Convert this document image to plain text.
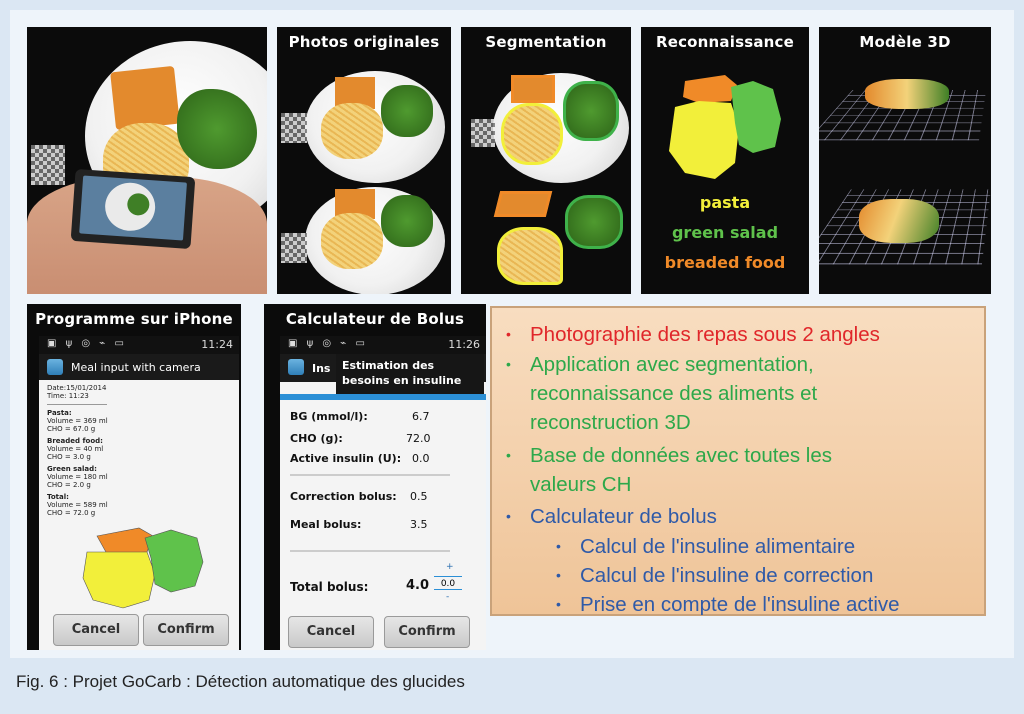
Photos originales	Segmentation	Reconnaissance
pasta
green salad
breaded food
Modèle 3D
Programme sur iPhone
▣ ψ ◎ ⌁ ▭	11:24
Meal input with camera
Date:15/01/2014
Time: 11:23
Pasta:
Volume = 369 ml
CHO = 67.0 g
Breaded food:
Volume = 40 ml
CHO = 3.0 g
Green salad:
Volume = 180 ml
CHO = 2.0 g
Total:
Volume = 589 ml
CHO = 72.0 g
Cancel	Confirm
Calculateur de Bolus
▣ ψ ◎ ⌁ ▭	11:26
Ins	Estimation des besoins en insuline
BG (mmol/l):	6.7
CHO (g):	72.0
Active insulin (U): 0.0
Correction bolus: 0.5
Meal bolus:	3.5
Total bolus:	4.0
+
0.0
-
Cancel	Confirm
• Photographie des repas sous 2 angles
• Application avec segmentation,
reconnaissance des aliments et
reconstruction 3D
• Base de données avec toutes les
valeurs CH
• Calculateur de bolus
• Calcul de l'insuline alimentaire
• Calcul de l'insuline de correction
• Prise en compte de l'insuline active
Fig. 6 : Projet GoCarb : Détection automatique des glucides
